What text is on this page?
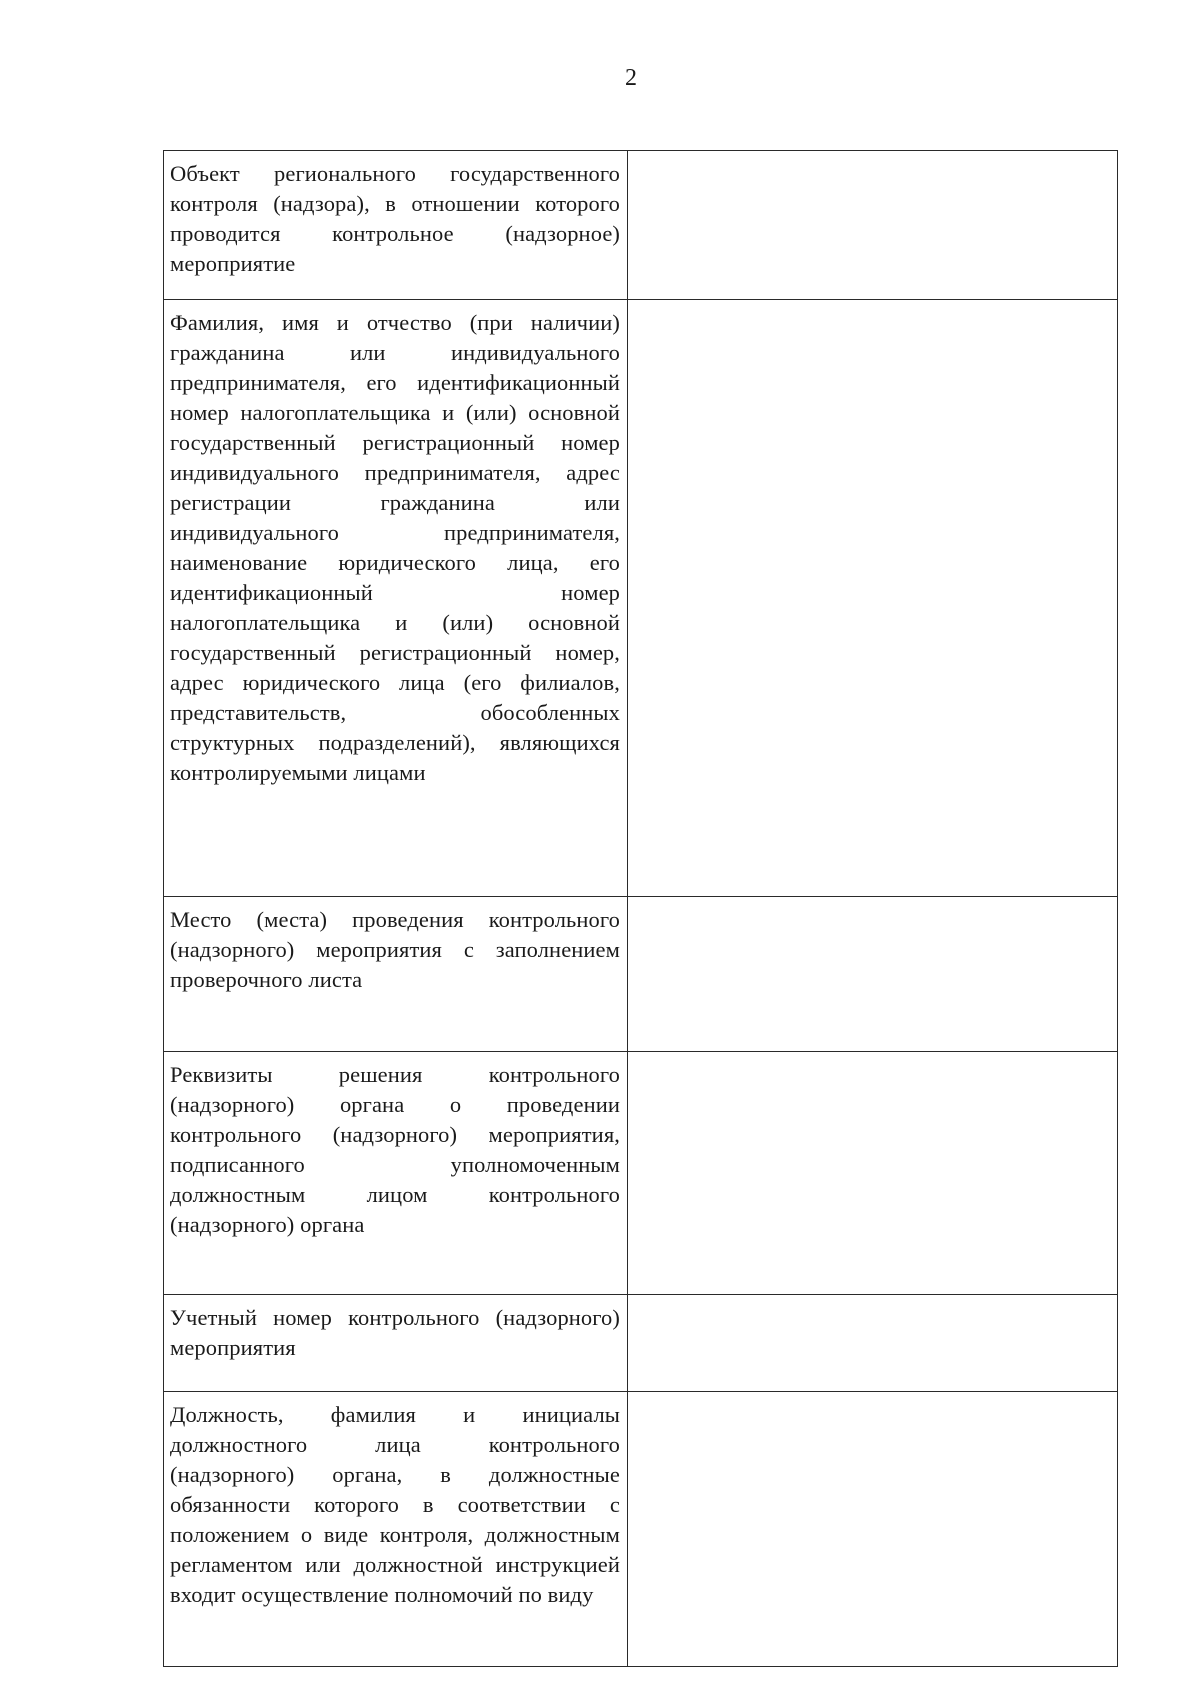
2
Объект регионального государственного контроля (надзора), в отношении которого проводится контрольное (надзорное) мероприятие	

Фамилия, имя и отчество (при наличии) гражданина или индивидуального предпринимателя, его идентификационный номер налогоплательщика и (или) основной государственный регистрационный номер индивидуального предпринимателя, адрес регистрации гражданина или индивидуального предпринимателя, наименование юридического лица, его идентификационный номер налогоплательщика и (или) основной государственный регистрационный номер, адрес юридического лица (его филиалов, представительств, обособленных структурных подразделений), являющихся контролируемыми лицами	

Место (места) проведения контрольного (надзорного) мероприятия с заполнением проверочного листа	

Реквизиты решения контрольного (надзорного) органа о проведении контрольного (надзорного) мероприятия, подписанного уполномоченным должностным лицом контрольного (надзорного) органа	

Учетный номер контрольного (надзорного) мероприятия	

Должность, фамилия и инициалы должностного лица контрольного (надзорного) органа, в должностные обязанности которого в соответствии с положением о виде контроля, должностным регламентом или должностной инструкцией входит осуществление полномочий по виду	
